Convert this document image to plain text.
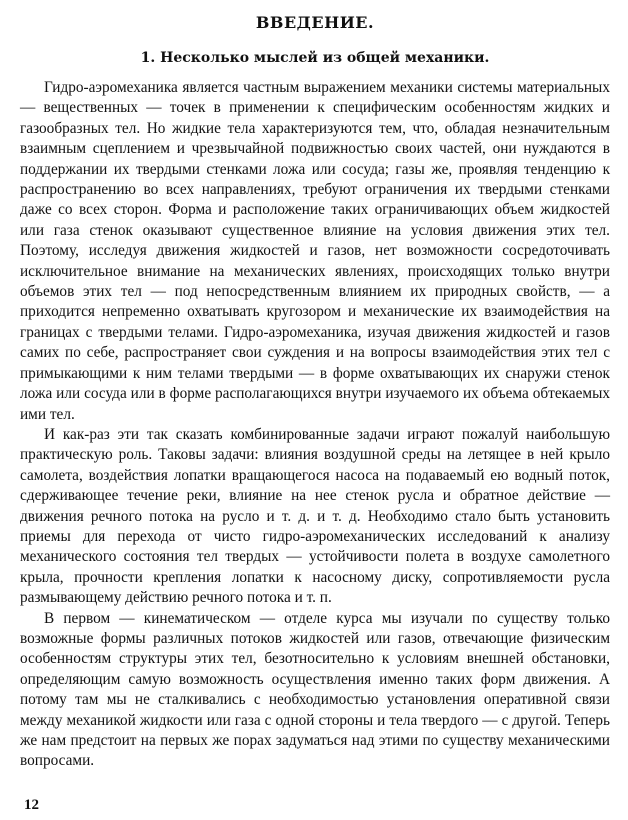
ВВЕДЕНИЕ.
1. Несколько мыслей из общей механики.

Гидро-аэромеханика является частным выражением механики системы материальных — вещественных — точек в применении к специфическим особенностям жидких и газообразных тел. Но жидкие тела характеризуются тем, что, обладая незначительным взаимным сцеплением и чрезвычайной подвижностью своих частей, они нуждаются в поддержании их твердыми стенками ложа или сосуда; газы же, проявляя тенденцию к распространению во всех направлениях, требуют ограничения их твердыми стенками даже со всех сторон. Форма и расположение таких ограничивающих объем жидкостей или газа стенок оказывают существенное влияние на условия движения этих тел. Поэтому, исследуя движения жидкостей и газов, нет возможности сосредоточивать исключительное внимание на механических явлениях, происходящих только внутри объемов этих тел — под непосредственным влиянием их природных свойств, — а приходится непременно охватывать кругозором и механические их взаимодействия на границах с твердыми телами. Гидро-аэромеханика, изучая движения жидкостей и газов самих по себе, распространяет свои суждения и на вопросы взаимодействия этих тел с примыкающими к ним телами твердыми — в форме охватывающих их снаружи стенок ложа или сосуда или в форме располагающихся внутри изучаемого их объема обтекаемых ими тел.

И как-раз эти так сказать комбинированные задачи играют пожалуй наибольшую практическую роль. Таковы задачи: влияния воздушной среды на летящее в ней крыло самолета, воздействия лопатки вращающегося насоса на подаваемый ею водный поток, сдерживающее течение реки, влияние на нее стенок русла и обратное действие — движения речного потока на русло и т. д. и т. д. Необходимо стало быть установить приемы для перехода от чисто гидро-аэромеханических исследований к анализу механического состояния тел твердых — устойчивости полета в воздухе самолетного крыла, прочности крепления лопатки к насосному диску, сопротивляемости русла размывающему действию речного потока и т. п.

В первом — кинематическом — отделе курса мы изучали по существу только возможные формы различных потоков жидкостей или газов, отвечающие физическим особенностям структуры этих тел, безотносительно к условиям внешней обстановки, определяющим самую возможность осуществления именно таких форм движения. А потому там мы не сталкивались с необходимостью установления оперативной связи между механикой жидкости или газа с одной стороны и тела твердого — с другой. Теперь же нам предстоит на первых же порах задуматься над этими по существу механическими вопросами.

12
